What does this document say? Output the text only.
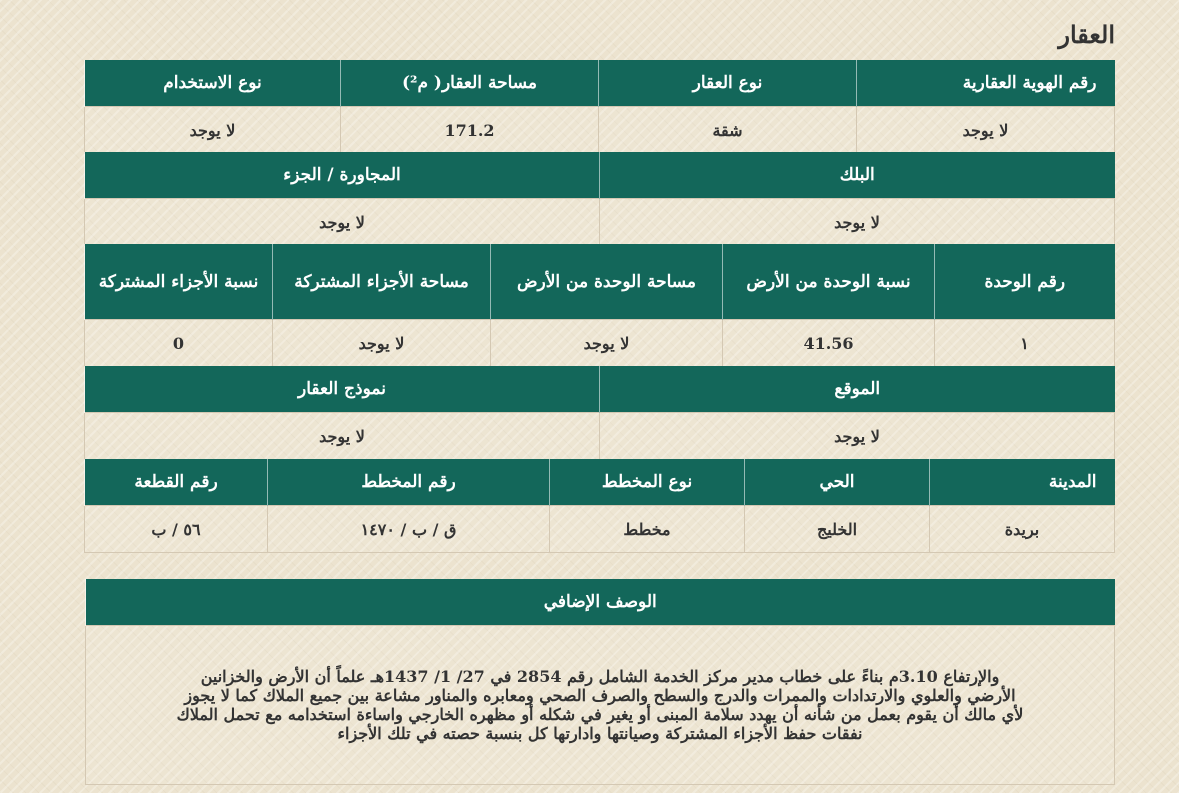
العقار
رقم الهوية العقارية	نوع العقار	مساحة العقار( م²)	نوع الاستخدام
لا يوجد	شقة	171.2	لا يوجد
البلك	المجاورة / الجزء
لا يوجد	لا يوجد
رقم الوحدة	نسبة الوحدة من الأرض	مساحة الوحدة من الأرض	مساحة الأجزاء المشتركة	نسبة الأجزاء المشتركة
١	41.56	لا يوجد	لا يوجد	0
الموقع	نموذج العقار
لا يوجد	لا يوجد
المدينة	الحي	نوع المخطط	رقم المخطط	رقم القطعة
بريدة	الخليج	مخطط	ق / ب / ١٤٧٠	٥٦ / ب
الوصف الإضافي
والإرتفاع 3.10م بناءً على خطاب مدير مركز الخدمة الشامل رقم 2854 في 27/ 1/ 1437هـ علماً أن الأرض والخزانين الأرضي والعلوي والارتدادات والممرات والدرج والسطح والصرف الصحي ومعابره والمناور مشاعة بين جميع الملاك كما لا يجوز لأي مالك أن يقوم بعمل من شأنه أن يهدد سلامة المبنى أو يغير في شكله أو مظهره الخارجي واساءة استخدامه مع تحمل الملاك نفقات حفظ الأجزاء المشتركة وصيانتها وادارتها كل بنسبة حصته في تلك الأجزاء
